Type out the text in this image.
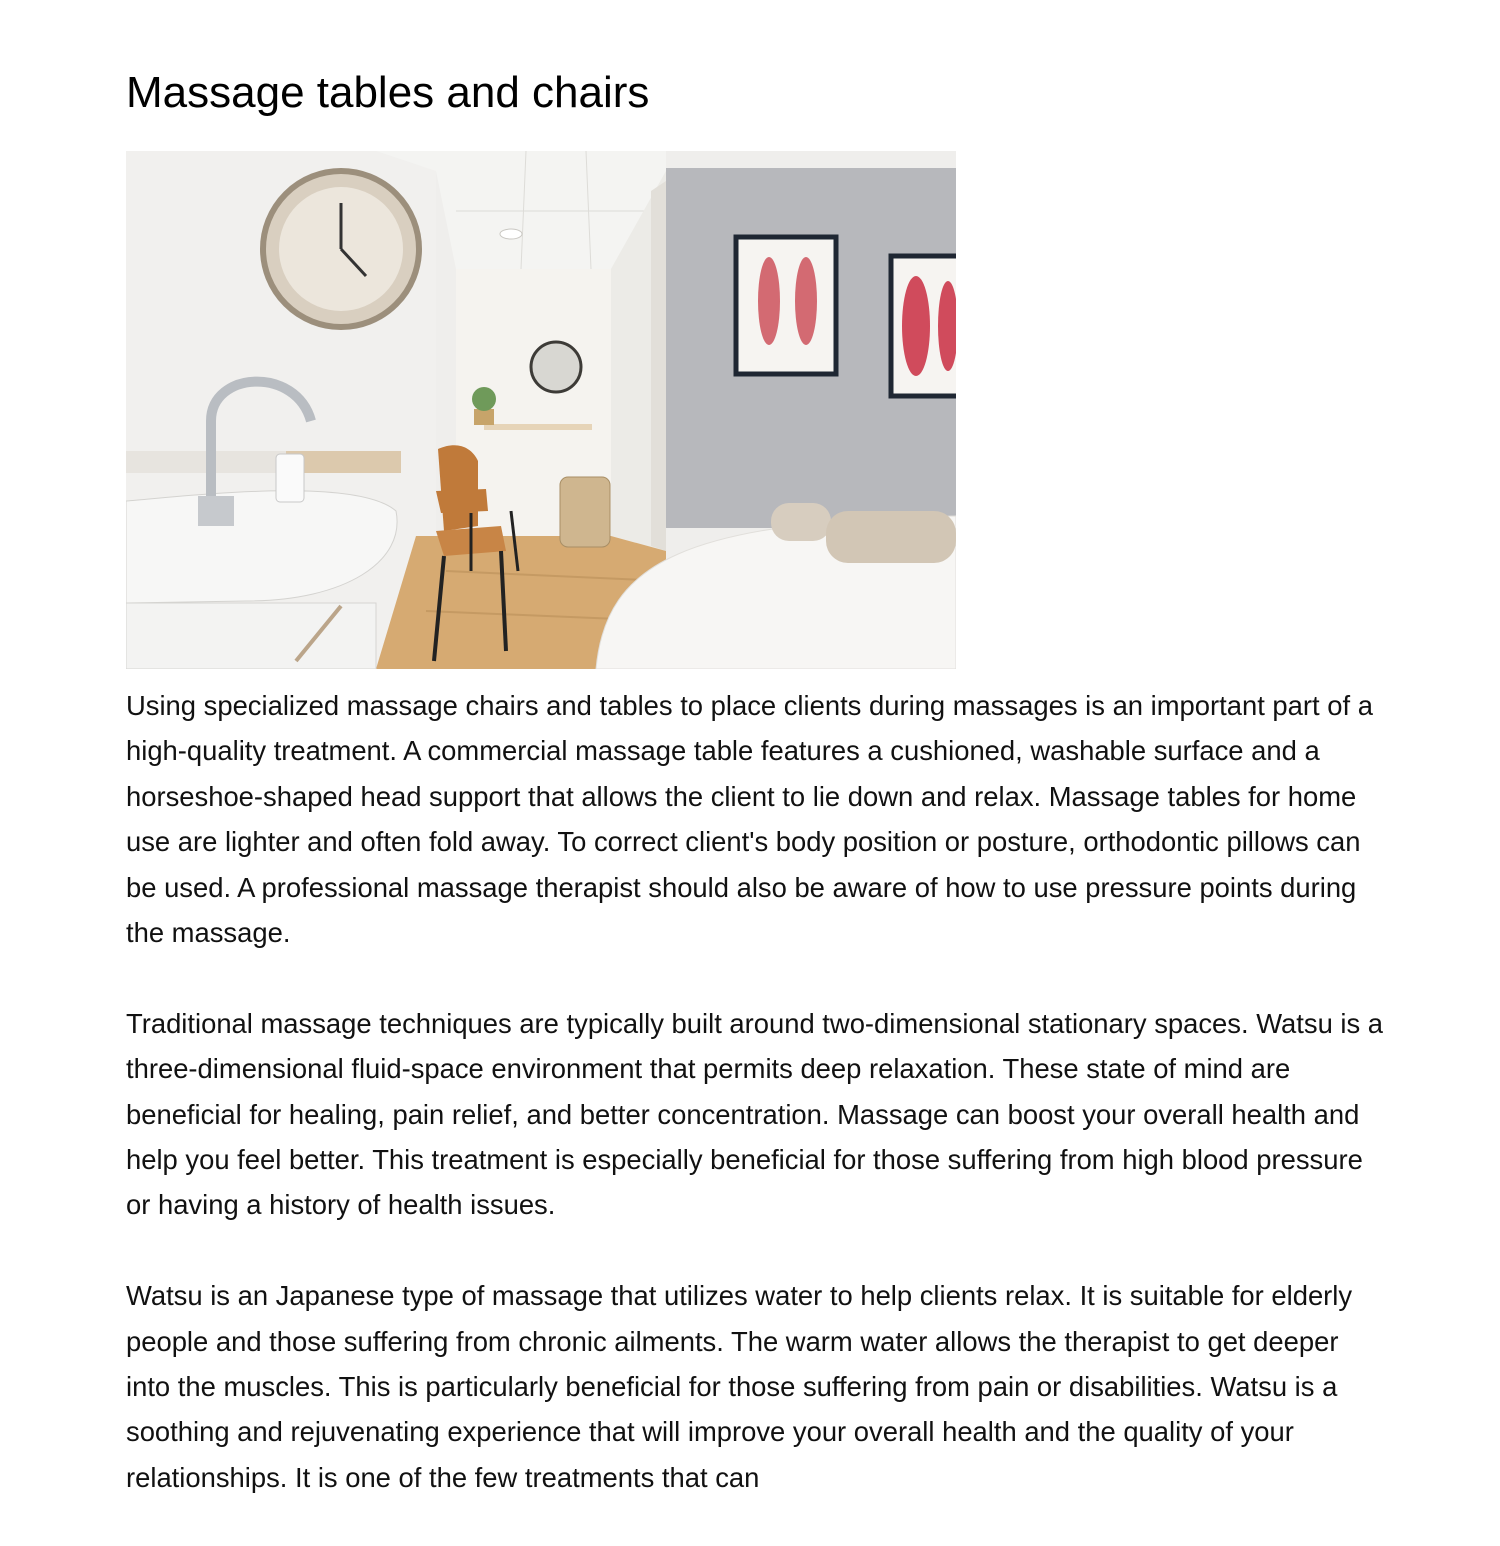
Massage tables and chairs

Using specialized massage chairs and tables to place clients during massages is an important part of a high-quality treatment. A commercial massage table features a cushioned, washable surface and a horseshoe-shaped head support that allows the client to lie down and relax. Massage tables for home use are lighter and often fold away. To correct client's body position or posture, orthodontic pillows can be used. A professional massage therapist should also be aware of how to use pressure points during the massage.

Traditional massage techniques are typically built around two-dimensional stationary spaces. Watsu is a three-dimensional fluid-space environment that permits deep relaxation. These state of mind are beneficial for healing, pain relief, and better concentration. Massage can boost your overall health and help you feel better. This treatment is especially beneficial for those suffering from high blood pressure or having a history of health issues.

Watsu is an Japanese type of massage that utilizes water to help clients relax. It is suitable for elderly people and those suffering from chronic ailments. The warm water allows the therapist to get deeper into the muscles. This is particularly beneficial for those suffering from pain or disabilities. Watsu is a soothing and rejuvenating experience that will improve your overall health and the quality of your relationships. It is one of the few treatments that can
